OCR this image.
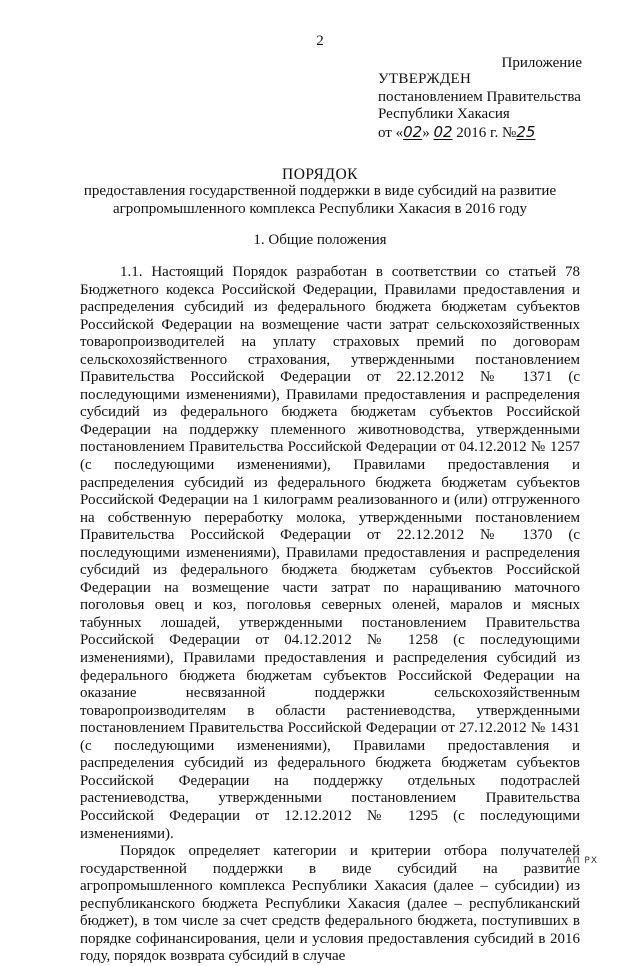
2
Приложение
УТВЕРЖДЕН
постановлением Правительства
Республики Хакасия
от «02» 02 2016 г. №25
ПОРЯДОК
предоставления государственной поддержки в виде субсидий на развитие агропромышленного комплекса Республики Хакасия в 2016 году
1. Общие положения

1.1. Настоящий Порядок разработан в соответствии со статьей 78 Бюджетного кодекса Российской Федерации, Правилами предоставления и распределения субсидий из федерального бюджета бюджетам субъектов Российской Федерации на возмещение части затрат сельскохозяйственных товаропроизводителей на уплату страховых премий по договорам сельскохозяйственного страхования, утвержденными постановлением Правительства Российской Федерации от 22.12.2012 № 1371 (с последующими изменениями), Правилами предоставления и распределения субсидий из федерального бюджета бюджетам субъектов Российской Федерации на поддержку племенного животноводства, утвержденными постановлением Правительства Российской Федерации от 04.12.2012 № 1257 (с последующими изменениями), Правилами предоставления и распределения субсидий из федерального бюджета бюджетам субъектов Российской Федерации на 1 килограмм реализованного и (или) отгруженного на собственную переработку молока, утвержденными постановлением Правительства Российской Федерации от 22.12.2012 № 1370 (с последующими изменениями), Правилами предоставления и распределения субсидий из федерального бюджета бюджетам субъектов Российской Федерации на возмещение части затрат по наращиванию маточного поголовья овец и коз, поголовья северных оленей, маралов и мясных табунных лошадей, утвержденными постановлением Правительства Российской Федерации от 04.12.2012 № 1258 (с последующими изменениями), Правилами предоставления и распределения субсидий из федерального бюджета бюджетам субъектов Российской Федерации на оказание несвязанной поддержки сельскохозяйственным товаропроизводителям в области растениеводства, утвержденными постановлением Правительства Российской Федерации от 27.12.2012 № 1431 (с последующими изменениями), Правилами предоставления и распределения субсидий из федерального бюджета бюджетам субъектов Российской Федерации на поддержку отдельных подотраслей растениеводства, утвержденными постановлением Правительства Российской Федерации от 12.12.2012 № 1295 (с последующими изменениями).

Порядок определяет категории и критерии отбора получателей государственной поддержки в виде субсидий на развитие агропромышленного комплекса Республики Хакасия (далее – субсидии) из республиканского бюджета Республики Хакасия (далее – республиканский бюджет), в том числе за счет средств федерального бюджета, поступивших в порядке софинансирования, цели и условия предоставления субсидий в 2016 году, порядок возврата субсидий в случае

АП РХ
